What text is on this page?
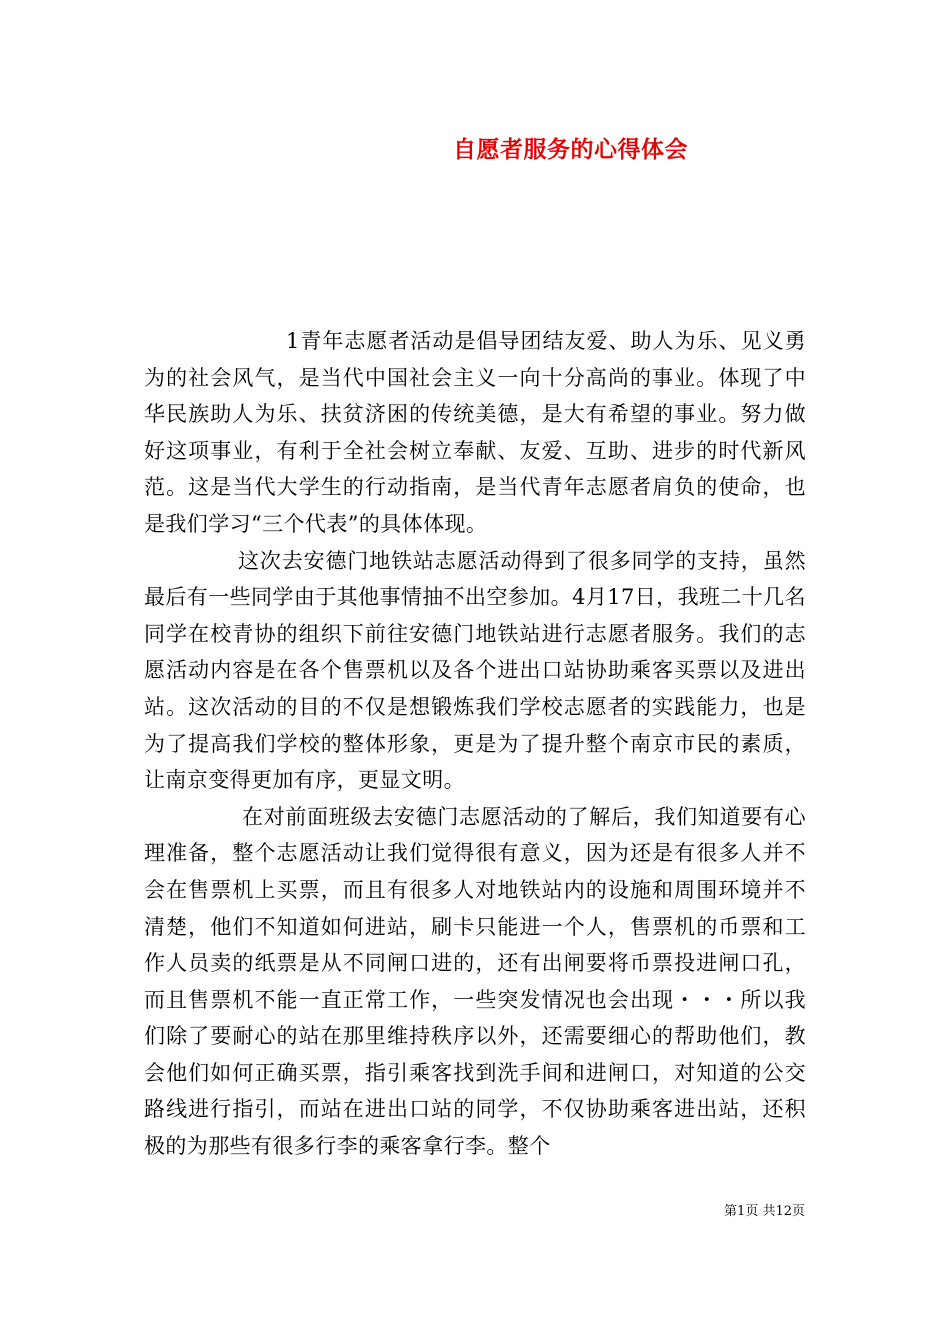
自愿者服务的心得体会

1青年志愿者活动是倡导团结友爱、助人为乐、见义勇为的社会风气，是当代中国社会主义一向十分高尚的事业。体现了中华民族助人为乐、扶贫济困的传统美德，是大有希望的事业。努力做好这项事业，有利于全社会树立奉献、友爱、互助、进步的时代新风范。这是当代大学生的行动指南，是当代青年志愿者肩负的使命，也是我们学习“三个代表”的具体体现。

这次去安德门地铁站志愿活动得到了很多同学的支持，虽然最后有一些同学由于其他事情抽不出空参加。4月17日，我班二十几名同学在校青协的组织下前往安德门地铁站进行志愿者服务。我们的志愿活动内容是在各个售票机以及各个进出口站协助乘客买票以及进出站。这次活动的目的不仅是想锻炼我们学校志愿者的实践能力，也是为了提高我们学校的整体形象，更是为了提升整个南京市民的素质，让南京变得更加有序，更显文明。

在对前面班级去安德门志愿活动的了解后，我们知道要有心理准备，整个志愿活动让我们觉得很有意义，因为还是有很多人并不会在售票机上买票，而且有很多人对地铁站内的设施和周围环境并不清楚，他们不知道如何进站，刷卡只能进一个人，售票机的币票和工作人员卖的纸票是从不同闸口进的，还有出闸要将币票投进闸口孔，而且售票机不能一直正常工作，一些突发情况也会出现・・・所以我们除了要耐心的站在那里维持秩序以外，还需要细心的帮助他们，教会他们如何正确买票，指引乘客找到洗手间和进闸口，对知道的公交路线进行指引，而站在进出口站的同学，不仅协助乘客进出站，还积极的为那些有很多行李的乘客拿行李。整个

第1页 共12页
